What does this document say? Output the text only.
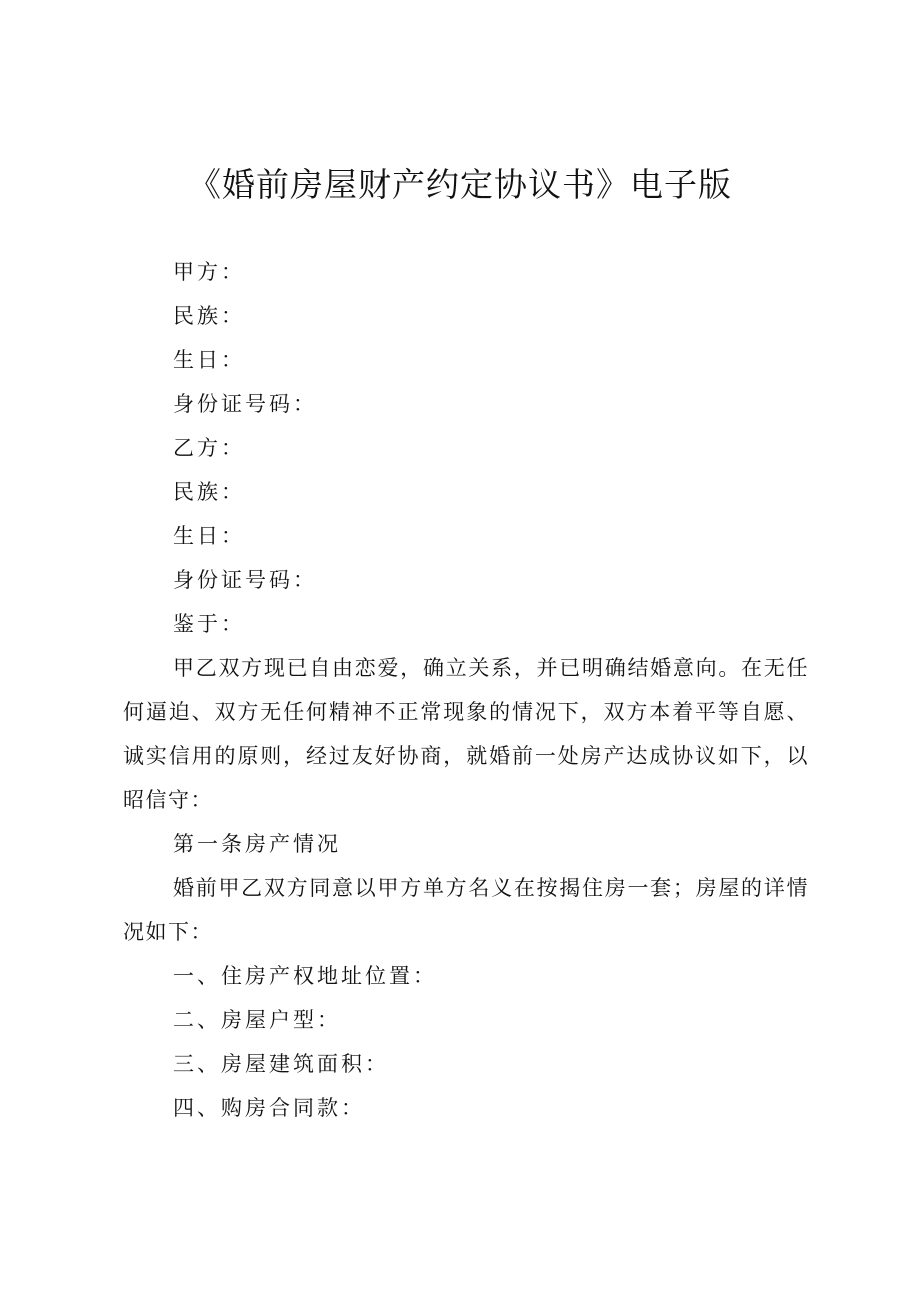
《婚前房屋财产约定协议书》电子版

甲方：

民族：

生日：

身份证号码：

乙方：

民族：

生日：

身份证号码：

鉴于：

甲乙双方现已自由恋爱，确立关系，并已明确结婚意向。在无任何逼迫、双方无任何精神不正常现象的情况下，双方本着平等自愿、诚实信用的原则，经过友好协商，就婚前一处房产达成协议如下，以昭信守：

第一条房产情况

婚前甲乙双方同意以甲方单方名义在按揭住房一套；房屋的详情况如下：

一、住房产权地址位置：

二、房屋户型：

三、房屋建筑面积：

四、购房合同款：
